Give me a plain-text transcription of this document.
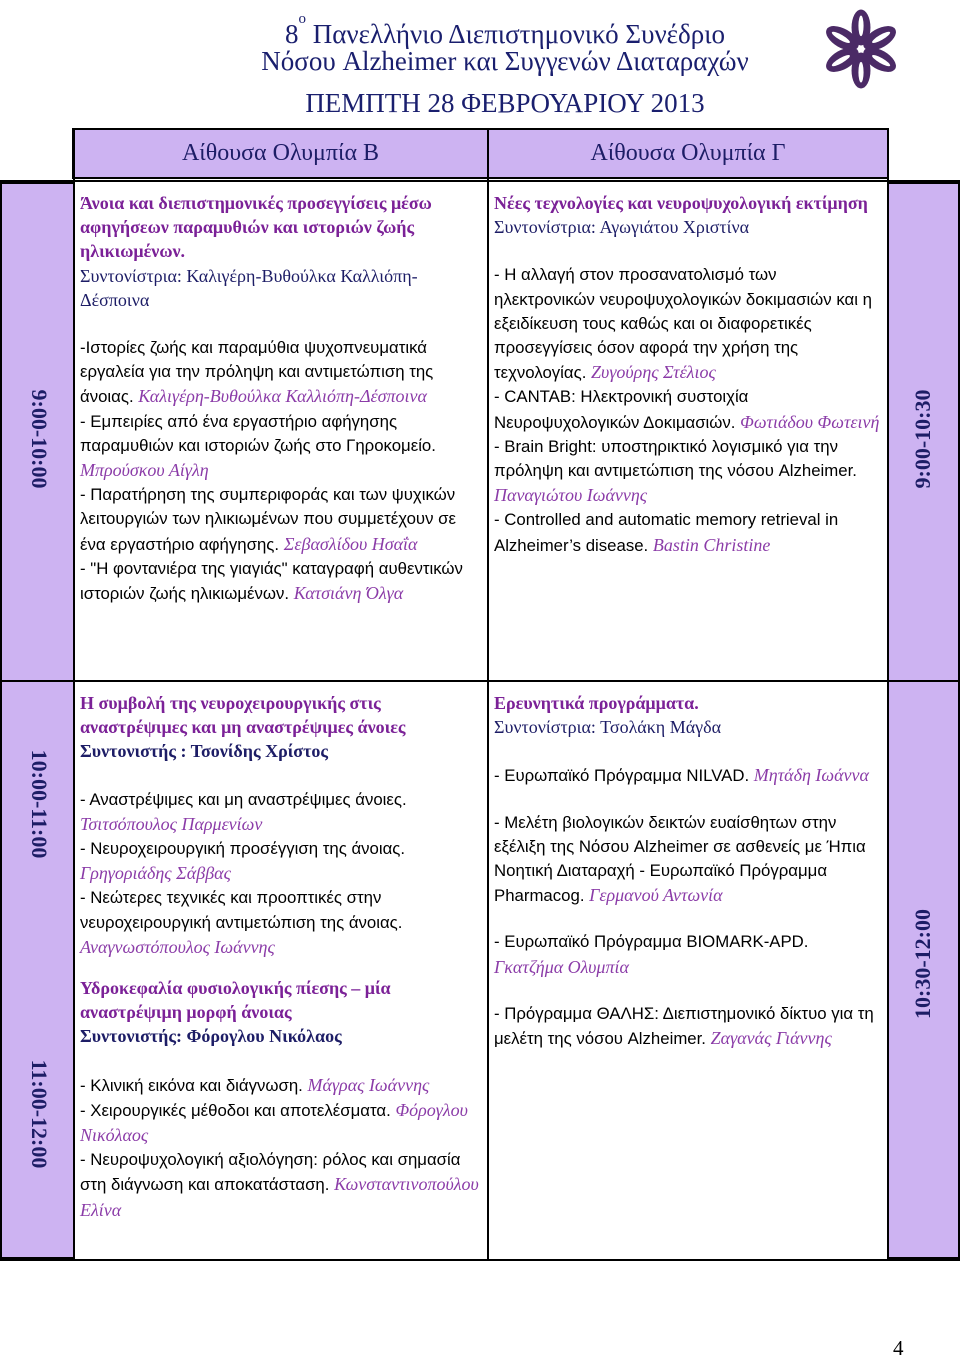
$8^o$ Πανελλήνιο Διεπιστημονικό Συνέδριο
Νόσου Alzheimer και Συγγενών Διαταραχών
ΠΕΜΠΤΗ 28 ΦΕΒΡΟΥΑΡΙΟΥ 2013
Αίθουσα Ολυμπία Β	Αίθουσα Ολυμπία Γ
9:00-10:00
10:00-11:00
11:00-12:00
9:00-10:30
10:30-12:00
Άνοια και διεπιστημονικές προσεγγίσεις μέσω αφηγήσεων παραμυθιών και ιστοριών ζωής ηλικιωμένων.
Συντονίστρια: Καλιγέρη-Βυθούλκα Καλλιόπη-Δέσποινα
-Ιστορίες ζωής και παραμύθια ψυχοπνευματικά εργαλεία για την πρόληψη και αντιμετώπιση της άνοιας. Καλιγέρη-Βυθούλκα Καλλιόπη-Δέσποινα
- Εμπειρίες από ένα εργαστήριο αφήγησης παραμυθιών και ιστοριών ζωής στο Γηροκομείο. Μπρούσκου Αίγλη
- Παρατήρηση της συμπεριφοράς και των ψυχικών λειτουργιών των ηλικιωμένων που συμμετέχουν σε ένα εργαστήριο αφήγησης. Σεβασλίδου Ησαΐα
- "Η φοντανιέρα της γιαγιάς" καταγραφή αυθεντικών ιστοριών ζωής ηλικιωμένων. Κατσιάνη Όλγα
Νέες τεχνολογίες και νευροψυχολογική εκτίμηση
Συντονίστρια: Αγωγιάτου Χριστίνα
- Η αλλαγή στον προσανατολισμό των ηλεκτρονικών νευροψυχολογικών δοκιμασιών και η εξειδίκευση τους καθώς και οι διαφορετικές προσεγγίσεις όσον αφορά την χρήση της τεχνολογίας. Ζυγούρης Στέλιος
- CANTAB: Ηλεκτρονική συστοιχία Νευροψυχολογικών Δοκιμασιών. Φωτιάδου Φωτεινή
- Brain Bright: υποστηρικτικό λογισμικό για την πρόληψη και αντιμετώπιση της νόσου Alzheimer. Παναγιώτου Ιωάννης
- Controlled and automatic memory retrieval in Alzheimer’s disease. Bastin Christine
Η συμβολή της νευροχειρουργικής στις αναστρέψιμες και μη αναστρέψιμες άνοιες
Συντονιστής : Τσονίδης Χρίστος
- Αναστρέψιμες και μη αναστρέψιμες άνοιες. Τσιτσόπουλος Παρμενίων
- Νευροχειρουργική προσέγγιση της άνοιας. Γρηγοριάδης Σάββας
- Νεώτερες τεχνικές και προοπτικές στην νευροχειρουργική αντιμετώπιση της άνοιας. Αναγνωστόπουλος Ιωάννης
Υδροκεφαλία φυσιολογικής πίεσης – μία αναστρέψιμη μορφή άνοιας
Συντονιστής: Φόρογλου Νικόλαος
- Κλινική εικόνα και διάγνωση. Μάγρας Ιωάννης
- Χειρουργικές μέθοδοι και αποτελέσματα. Φόρογλου Νικόλαος
- Νευροψυχολογική αξιολόγηση: ρόλος και σημασία στη διάγνωση και αποκατάσταση. Κωνσταντινοπούλου Ελίνα
Ερευνητικά προγράμματα.
Συντονίστρια: Τσολάκη Μάγδα
- Ευρωπαϊκό Πρόγραμμα NILVAD. Μητάδη Ιωάννα
- Μελέτη βιολογικών δεικτών ευαίσθητων στην εξέλιξη της Νόσου Alzheimer σε ασθενείς με Ήπια Νοητική Διαταραχή - Ευρωπαϊκό Πρόγραμμα Pharmacog. Γερμανού Αντωνία
- Ευρωπαϊκό Πρόγραμμα BIOMARK-APD. Γκατζήμα Ολυμπία
- Πρόγραμμα ΘΑΛΗΣ: Διεπιστημονικό δίκτυο για τη μελέτη της νόσου Alzheimer. Ζαγανάς Γιάννης
4
